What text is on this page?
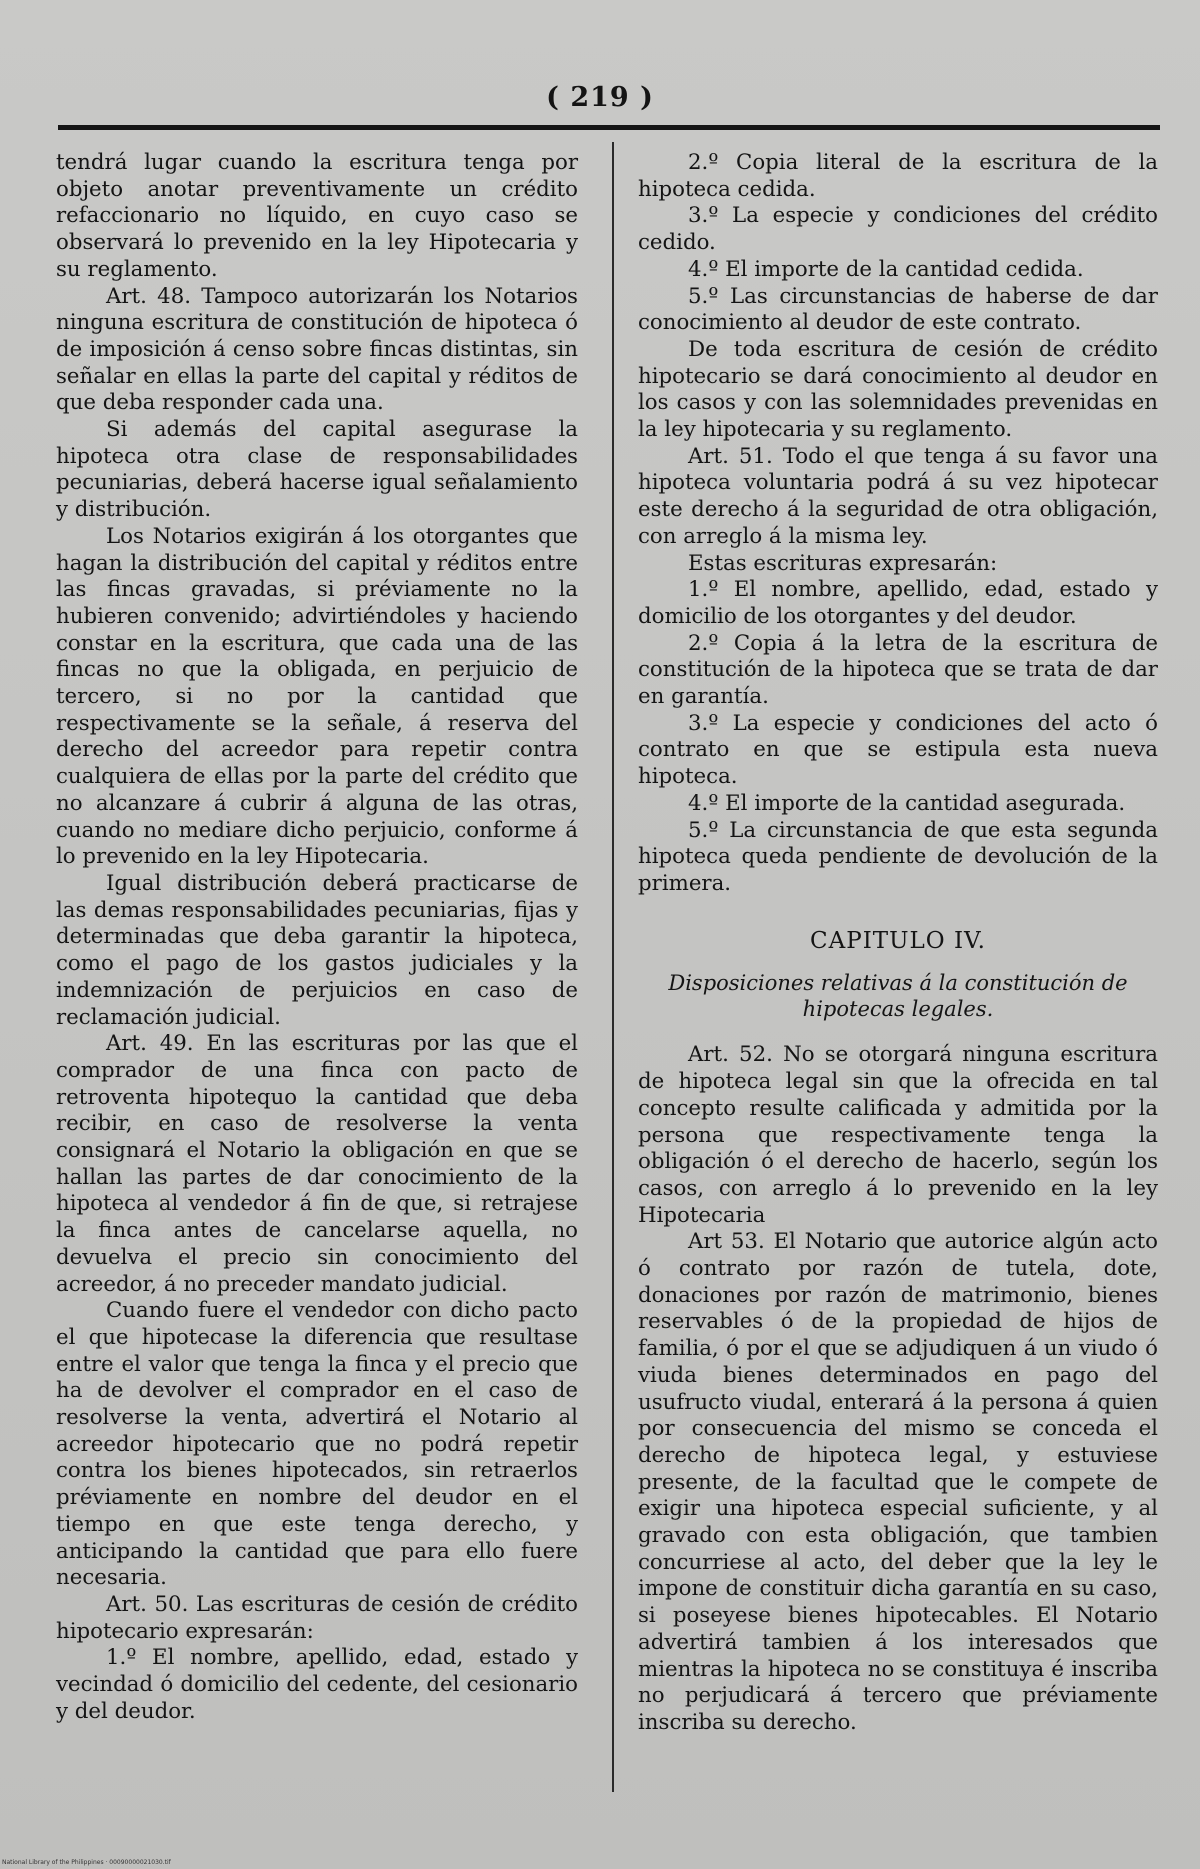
( 219 )

tendrá lugar cuando la escritura tenga por objeto anotar preventivamente un crédito refaccionario no líquido, en cuyo caso se observará lo prevenido en la ley Hipotecaria y su reglamento.

Art. 48. Tampoco autorizarán los Notarios ninguna escritura de constitución de hipoteca ó de imposición á censo sobre fincas distintas, sin señalar en ellas la parte del capital y réditos de que deba responder cada una.

Si además del capital asegurase la hipoteca otra clase de responsabilidades pecuniarias, deberá hacerse igual señalamiento y distribución.

Los Notarios exigirán á los otorgantes que hagan la distribución del capital y réditos entre las fincas gravadas, si préviamente no la hubieren convenido; advirtiéndoles y haciendo constar en la escritura, que cada una de las fincas no que la obligada, en perjuicio de tercero, si no por la cantidad que respectivamente se la señale, á reserva del derecho del acreedor para repetir contra cualquiera de ellas por la parte del crédito que no alcanzare á cubrir á alguna de las otras, cuando no mediare dicho perjuicio, conforme á lo prevenido en la ley Hipotecaria.

Igual distribución deberá practicarse de las demas responsabilidades pecuniarias, fijas y determinadas que deba garantir la hipoteca, como el pago de los gastos judiciales y la indemnización de perjuicios en caso de reclamación judicial.

Art. 49. En las escrituras por las que el comprador de una finca con pacto de retroventa hipotequo la cantidad que deba recibir, en caso de resolverse la venta consignará el Notario la obligación en que se hallan las partes de dar conocimiento de la hipoteca al vendedor á fin de que, si retrajese la finca antes de cancelarse aquella, no devuelva el precio sin conocimiento del acreedor, á no preceder mandato judicial.

Cuando fuere el vendedor con dicho pacto el que hipotecase la diferencia que resultase entre el valor que tenga la finca y el precio que ha de devolver el comprador en el caso de resolverse la venta, advertirá el Notario al acreedor hipotecario que no podrá repetir contra los bienes hipotecados, sin retraerlos préviamente en nombre del deudor en el tiempo en que este tenga derecho, y anticipando la cantidad que para ello fuere necesaria.

Art. 50. Las escrituras de cesión de crédito hipotecario expresarán:

1.º El nombre, apellido, edad, estado y vecindad ó domicilio del cedente, del cesionario y del deudor.

2.º Copia literal de la escritura de la hipoteca cedida.

3.º La especie y condiciones del crédito cedido.

4.º El importe de la cantidad cedida.

5.º Las circunstancias de haberse de dar conocimiento al deudor de este contrato.

De toda escritura de cesión de crédito hipotecario se dará conocimiento al deudor en los casos y con las solemnidades prevenidas en la ley hipotecaria y su reglamento.

Art. 51. Todo el que tenga á su favor una hipoteca voluntaria podrá á su vez hipotecar este derecho á la seguridad de otra obligación, con arreglo á la misma ley.

Estas escrituras expresarán:

1.º El nombre, apellido, edad, estado y domicilio de los otorgantes y del deudor.

2.º Copia á la letra de la escritura de constitución de la hipoteca que se trata de dar en garantía.

3.º La especie y condiciones del acto ó contrato en que se estipula esta nueva hipoteca.

4.º El importe de la cantidad asegurada.

5.º La circunstancia de que esta segunda hipoteca queda pendiente de devolución de la primera.

CAPITULO IV.
Disposiciones relativas á la constitución de hipotecas legales.

Art. 52. No se otorgará ninguna escritura de hipoteca legal sin que la ofrecida en tal concepto resulte calificada y admitida por la persona que respectivamente tenga la obligación ó el derecho de hacerlo, según los casos, con arreglo á lo prevenido en la ley Hipotecaria

Art 53. El Notario que autorice algún acto ó contrato por razón de tutela, dote, donaciones por razón de matrimonio, bienes reservables ó de la propiedad de hijos de familia, ó por el que se adjudiquen á un viudo ó viuda bienes determinados en pago del usufructo viudal, enterará á la persona á quien por consecuencia del mismo se conceda el derecho de hipoteca legal, y estuviese presente, de la facultad que le compete de exigir una hipoteca especial suficiente, y al gravado con esta obligación, que tambien concurriese al acto, del deber que la ley le impone de constituir dicha garantía en su caso, si poseyese bienes hipotecables. El Notario advertirá tambien á los interesados que mientras la hipoteca no se constituya é inscriba no perjudicará á tercero que préviamente inscriba su derecho.

National Library of the Philippines · 00090000021030.tif
